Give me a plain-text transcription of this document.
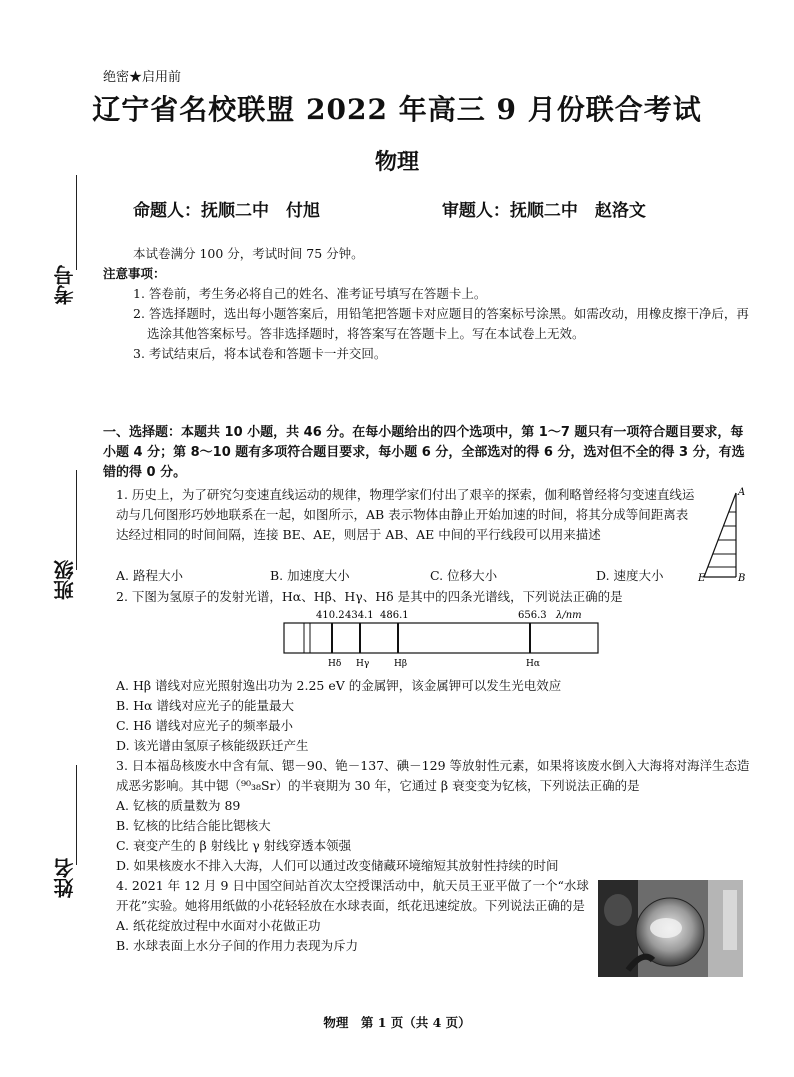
绝密★启用前
辽宁省名校联盟 2022 年高三 9 月份联合考试
物理
命题人：抚顺二中　付旭	审题人：抚顺二中　赵洛文
考号
班级
姓名

本试卷满分 100 分，考试时间 75 分钟。

注意事项：

1. 答卷前，考生务必将自己的姓名、准考证号填写在答题卡上。

2. 答选择题时，选出每小题答案后，用铅笔把答题卡对应题目的答案标号涂黑。如需改动，用橡皮擦干净后，再选涂其他答案标号。答非选择题时，将答案写在答题卡上。写在本试卷上无效。

3. 考试结束后，将本试卷和答题卡一并交回。

一、选择题：本题共 10 小题，共 46 分。在每小题给出的四个选项中，第 1～7 题只有一项符合题目要求，每小题 4 分；第 8～10 题有多项符合题目要求，每小题 6 分，全部选对的得 6 分，选对但不全的得 3 分，有选错的得 0 分。

1. 历史上，为了研究匀变速直线运动的规律，物理学家们付出了艰辛的探索，伽利略曾经将匀变速直线运动与几何图形巧妙地联系在一起，如图所示，AB 表示物体由静止开始加速的时间，将其分成等间距离表达经过相同的时间间隔，连接 BE、AE，则居于 AB、AE 中间的平行线段可以用来描述

A. 路程大小	B. 加速度大小	C. 位移大小	D. 速度大小
A
E	B

2. 下图为氢原子的发射光谱，Hα、Hβ、Hγ、Hδ 是其中的四条光谱线，下列说法正确的是

410.2 434.1 486.1	656.3 λ/nm
Hδ Hγ	Hβ	Hα

A. Hβ 谱线对应光照射逸出功为 2.25 eV 的金属钾，该金属钾可以发生光电效应

B. Hα 谱线对应光子的能量最大

C. Hδ 谱线对应光子的频率最小

D. 该光谱由氢原子核能级跃迁产生

3. 日本福岛核废水中含有氚、锶－90、铯－137、碘－129 等放射性元素，如果将该废水倒入大海将对海洋生态造成恶劣影响。其中锶（⁹⁰₃₈Sr）的半衰期为 30 年，它通过 β 衰变变为钇核，下列说法正确的是

A. 钇核的质量数为 89

B. 钇核的比结合能比锶核大

C. 衰变产生的 β 射线比 γ 射线穿透本领强

D. 如果核废水不排入大海，人们可以通过改变储藏环境缩短其放射性持续的时间

4. 2021 年 12 月 9 日中国空间站首次太空授课活动中，航天员王亚平做了一个“水球开花”实验。她将用纸做的小花轻轻放在水球表面，纸花迅速绽放。下列说法正确的是

A. 纸花绽放过程中水面对小花做正功

B. 水球表面上水分子间的作用力表现为斥力

物理　第 1 页（共 4 页）
